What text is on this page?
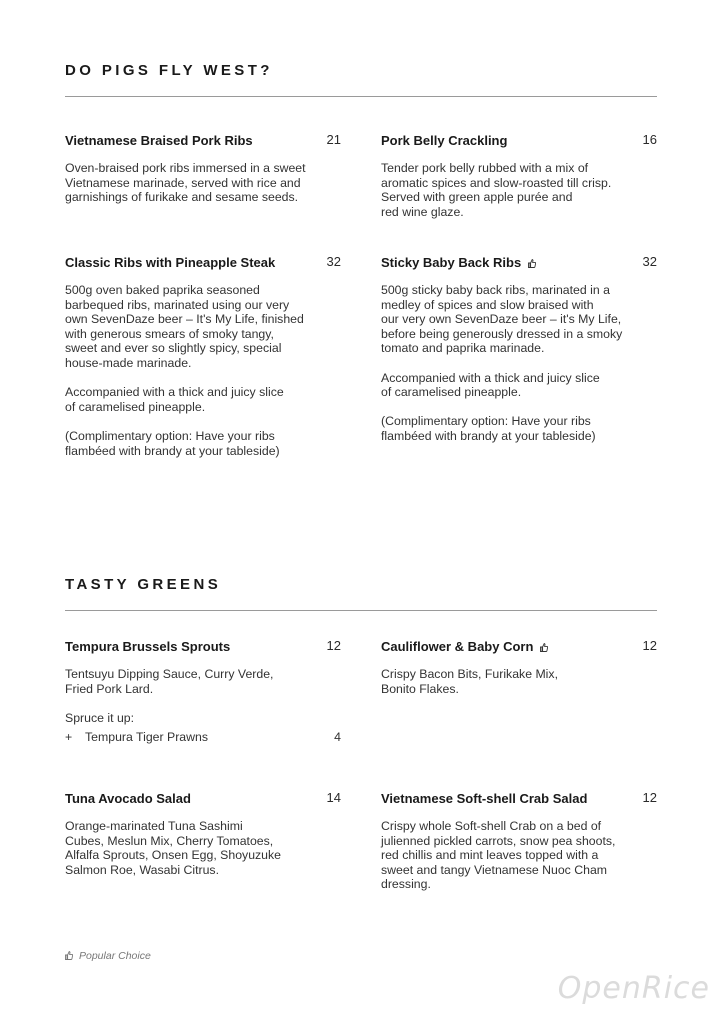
DO PIGS FLY WEST?
Vietnamese Braised Pork Ribs	21

Oven-braised pork ribs immersed in a sweet
Vietnamese marinade, served with rice and
garnishings of furikake and sesame seeds.

Pork Belly Crackling	16

Tender pork belly rubbed with a mix of
aromatic spices and slow-roasted till crisp.
Served with green apple purée and
red wine glaze.

Classic Ribs with Pineapple Steak	32

500g oven baked paprika seasoned
barbequed ribs, marinated using our very
own SevenDaze beer – It's My Life, finished
with generous smears of smoky tangy,
sweet and ever so slightly spicy, special
house-made marinade.

Accompanied with a thick and juicy slice
of caramelised pineapple.

(Complimentary option: Have your ribs
flambéed with brandy at your tableside)

Sticky Baby Back Ribs	32

500g sticky baby back ribs, marinated in a
medley of spices and slow braised with
our very own SevenDaze beer – it's My Life,
before being generously dressed in a smoky
tomato and paprika marinade.

Accompanied with a thick and juicy slice
of caramelised pineapple.

(Complimentary option: Have your ribs
flambéed with brandy at your tableside)

TASTY GREENS
Tempura Brussels Sprouts	12

Tentsuyu Dipping Sauce, Curry Verde,
Fried Pork Lard.

Spruce it up:
+ Tempura Tiger Prawns	4
Cauliflower & Baby Corn	12

Crispy Bacon Bits, Furikake Mix,
Bonito Flakes.

Tuna Avocado Salad	14

Orange-marinated Tuna Sashimi
Cubes, Meslun Mix, Cherry Tomatoes,
Alfalfa Sprouts, Onsen Egg, Shoyuzuke
Salmon Roe, Wasabi Citrus.

Vietnamese Soft-shell Crab Salad	12

Crispy whole Soft-shell Crab on a bed of
julienned pickled carrots, snow pea shoots,
red chillis and mint leaves topped with a
sweet and tangy Vietnamese Nuoc Cham
dressing.

Popular Choice
OpenRice
